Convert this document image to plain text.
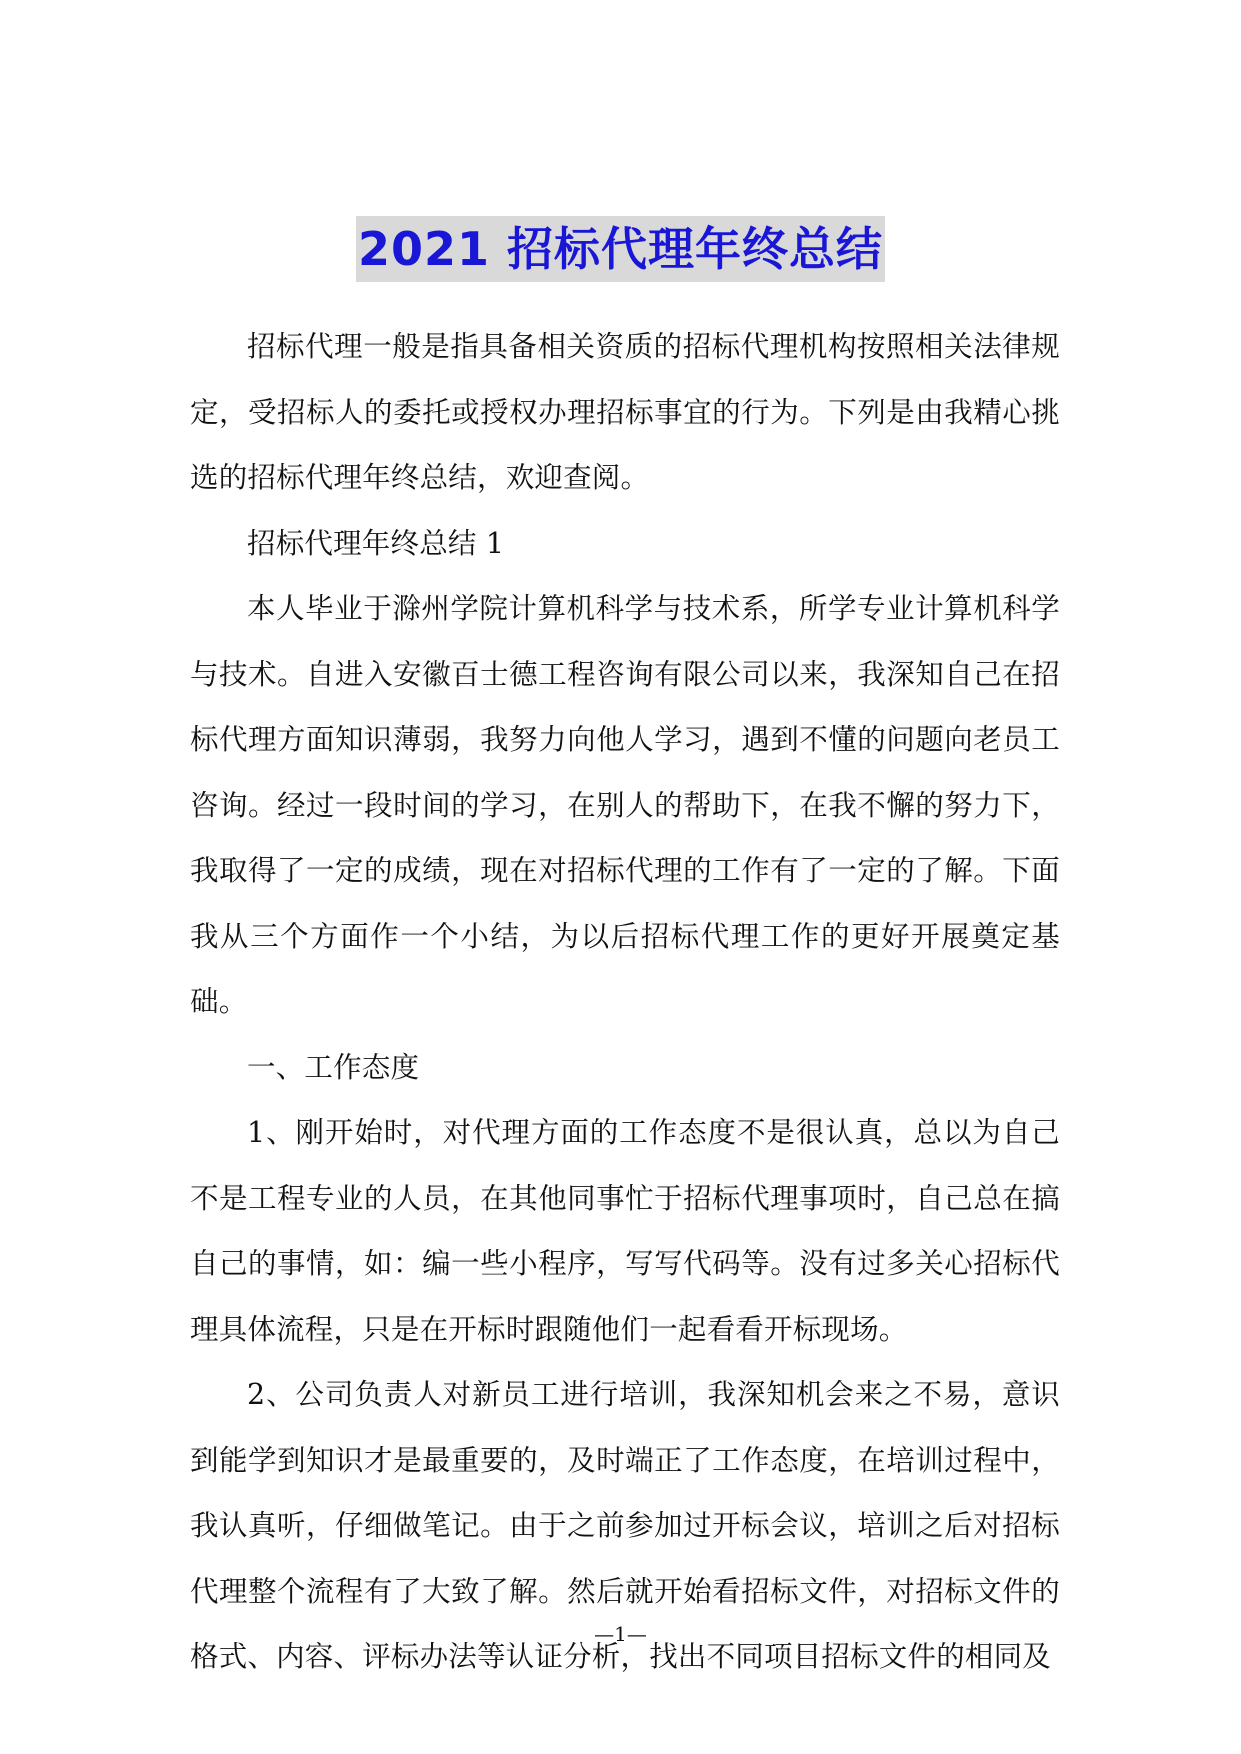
2021 招标代理年终总结

招标代理一般是指具备相关资质的招标代理机构按照相关法律规定，受招标人的委托或授权办理招标事宜的行为。下列是由我精心挑选的招标代理年终总结，欢迎查阅。

招标代理年终总结 1

本人毕业于滁州学院计算机科学与技术系，所学专业计算机科学与技术。自进入安徽百士德工程咨询有限公司以来，我深知自己在招标代理方面知识薄弱，我努力向他人学习，遇到不懂的问题向老员工咨询。经过一段时间的学习，在别人的帮助下，在我不懈的努力下，我取得了一定的成绩，现在对招标代理的工作有了一定的了解。下面我从三个方面作一个小结，为以后招标代理工作的更好开展奠定基础。

一、工作态度

1、刚开始时，对代理方面的工作态度不是很认真，总以为自己不是工程专业的人员，在其他同事忙于招标代理事项时，自己总在搞自己的事情，如：编一些小程序，写写代码等。没有过多关心招标代理具体流程，只是在开标时跟随他们一起看看开标现场。

2、公司负责人对新员工进行培训，我深知机会来之不易，意识到能学到知识才是最重要的，及时端正了工作态度，在培训过程中，我认真听，仔细做笔记。由于之前参加过开标会议，培训之后对招标代理整个流程有了大致了解。然后就开始看招标文件，对招标文件的格式、内容、评标办法等认证分析，找出不同项目招标文件的相同及

—1—
